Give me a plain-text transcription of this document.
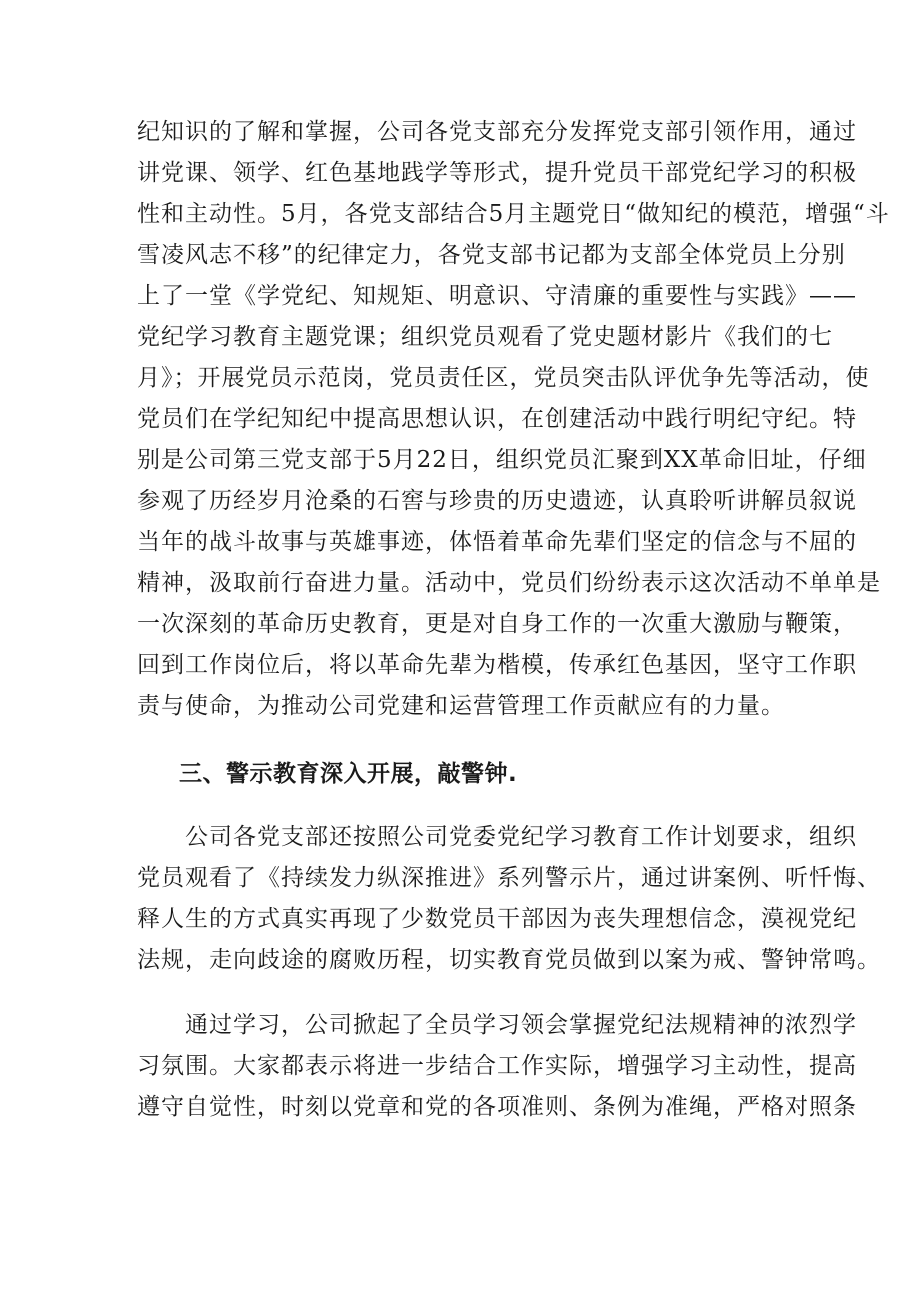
纪知识的了解和掌握，公司各党支部充分发挥党支部引领作用，通过
讲党课、领学、红色基地践学等形式，提升党员干部党纪学习的积极
性和主动性。5月，各党支部结合5月主题党日“做知纪的模范，增强“斗
雪凌风志不移”的纪律定力，各党支部书记都为支部全体党员上分别
上了一堂《学党纪、知规矩、明意识、守清廉的重要性与实践》——
党纪学习教育主题党课；组织党员观看了党史题材影片《我们的七
月》；开展党员示范岗，党员责任区，党员突击队评优争先等活动，使
党员们在学纪知纪中提高思想认识，在创建活动中践行明纪守纪。特
别是公司第三党支部于5月22日，组织党员汇聚到XX革命旧址，仔细
参观了历经岁月沧桑的石窖与珍贵的历史遗迹，认真聆听讲解员叙说
当年的战斗故事与英雄事迹，体悟着革命先辈们坚定的信念与不屈的
精神，汲取前行奋进力量。活动中，党员们纷纷表示这次活动不单单是
一次深刻的革命历史教育，更是对自身工作的一次重大激励与鞭策，
回到工作岗位后，将以革命先辈为楷模，传承红色基因，坚守工作职
责与使命，为推动公司党建和运营管理工作贡献应有的力量。
三、警示教育深入开展，敲警钟.
公司各党支部还按照公司党委党纪学习教育工作计划要求，组织
党员观看了《持续发力纵深推进》系列警示片，通过讲案例、听忏悔、
释人生的方式真实再现了少数党员干部因为丧失理想信念，漠视党纪
法规，走向歧途的腐败历程，切实教育党员做到以案为戒、警钟常鸣。
通过学习，公司掀起了全员学习领会掌握党纪法规精神的浓烈学
习氛围。大家都表示将进一步结合工作实际，增强学习主动性，提高
遵守自觉性，时刻以党章和党的各项准则、条例为准绳，严格对照条
